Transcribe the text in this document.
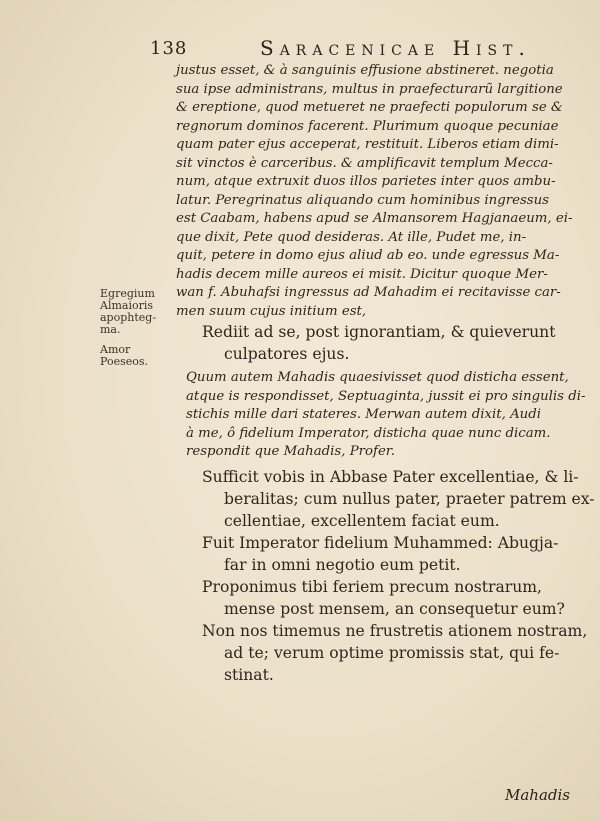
138	Saracenicae Hist.
Egregium
Almaioris
apophteg-
ma.
Amor
Poeseos.
justus esset, & à sanguinis effusione abstineret. negotia
sua ipse administrans, multus in praefecturarũ largitione
& ereptione, quod metueret ne praefecti populorum se &
regnorum dominos facerent. Plurimum quoque pecuniae
quam pater ejus acceperat, restituit. Liberos etiam dimi-
sit vinctos è carceribus. & amplificavit templum Mecca-
num, atque extruxit duos illos parietes inter quos ambu-
latur. Peregrinatus aliquando cum hominibus ingressus
est Caabam, habens apud se Almansorem Hagjanaeum, ei-
que dixit, Pete quod desideras. At ille, Pudet me, in-
quit, petere in domo ejus aliud ab eo. unde egressus Ma-
hadis decem mille aureos ei misit. Dicitur quoque Mer-
wan f. Abuhafsi ingressus ad Mahadim ei recitavisse car-
men suum cujus initium est,
Rediit ad se, post ignorantiam, & quieverunt
culpatores ejus.
Quum autem Mahadis quaesivisset quod disticha essent,
atque is respondisset, Septuaginta, jussit ei pro singulis di-
stichis mille dari stateres. Merwan autem dixit, Audi
à me, ô fidelium Imperator, disticha quae nunc dicam.
respondit que Mahadis, Profer.
Sufficit vobis in Abbase Pater excellentiae, & li-
beralitas; cum nullus pater, praeter patrem ex-
cellentiae, excellentem faciat eum.
Fuit Imperator fidelium Muhammed: Abugja-
far in omni negotio eum petit.
Proponimus tibi feriem precum nostrarum,
mense post mensem, an consequetur eum?
Non nos timemus ne frustretis ationem nostram,
ad te; verum optime promissis stat, qui fe-
stinat.
Mahadis
